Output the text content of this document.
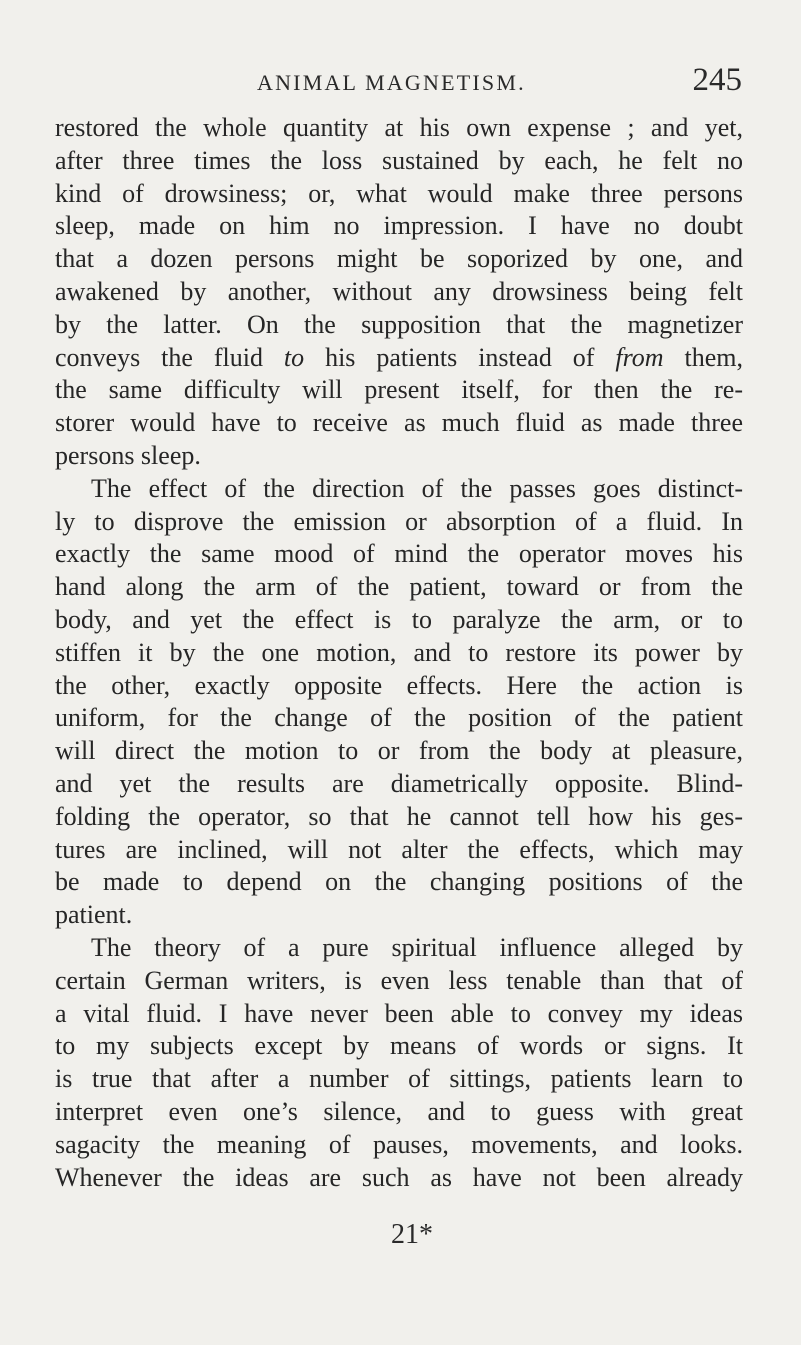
ANIMAL MAGNETISM.	245
restored the whole quantity at his own expense ; and yet,
after three times the loss sustained by each, he felt no
kind of drowsiness; or, what would make three persons
sleep, made on him no impression. I have no doubt
that a dozen persons might be soporized by one, and
awakened by another, without any drowsiness being felt
by the latter. On the supposition that the magnetizer
conveys the fluid to his patients instead of from them,
the same difficulty will present itself, for then the re-
storer would have to receive as much fluid as made three
persons sleep.
The effect of the direction of the passes goes distinct-
ly to disprove the emission or absorption of a fluid. In
exactly the same mood of mind the operator moves his
hand along the arm of the patient, toward or from the
body, and yet the effect is to paralyze the arm, or to
stiffen it by the one motion, and to restore its power by
the other, exactly opposite effects. Here the action is
uniform, for the change of the position of the patient
will direct the motion to or from the body at pleasure,
and yet the results are diametrically opposite. Blind-
folding the operator, so that he cannot tell how his ges-
tures are inclined, will not alter the effects, which may
be made to depend on the changing positions of the
patient.
The theory of a pure spiritual influence alleged by
certain German writers, is even less tenable than that of
a vital fluid. I have never been able to convey my ideas
to my subjects except by means of words or signs. It
is true that after a number of sittings, patients learn to
interpret even one’s silence, and to guess with great
sagacity the meaning of pauses, movements, and looks.
Whenever the ideas are such as have not been already
21*
